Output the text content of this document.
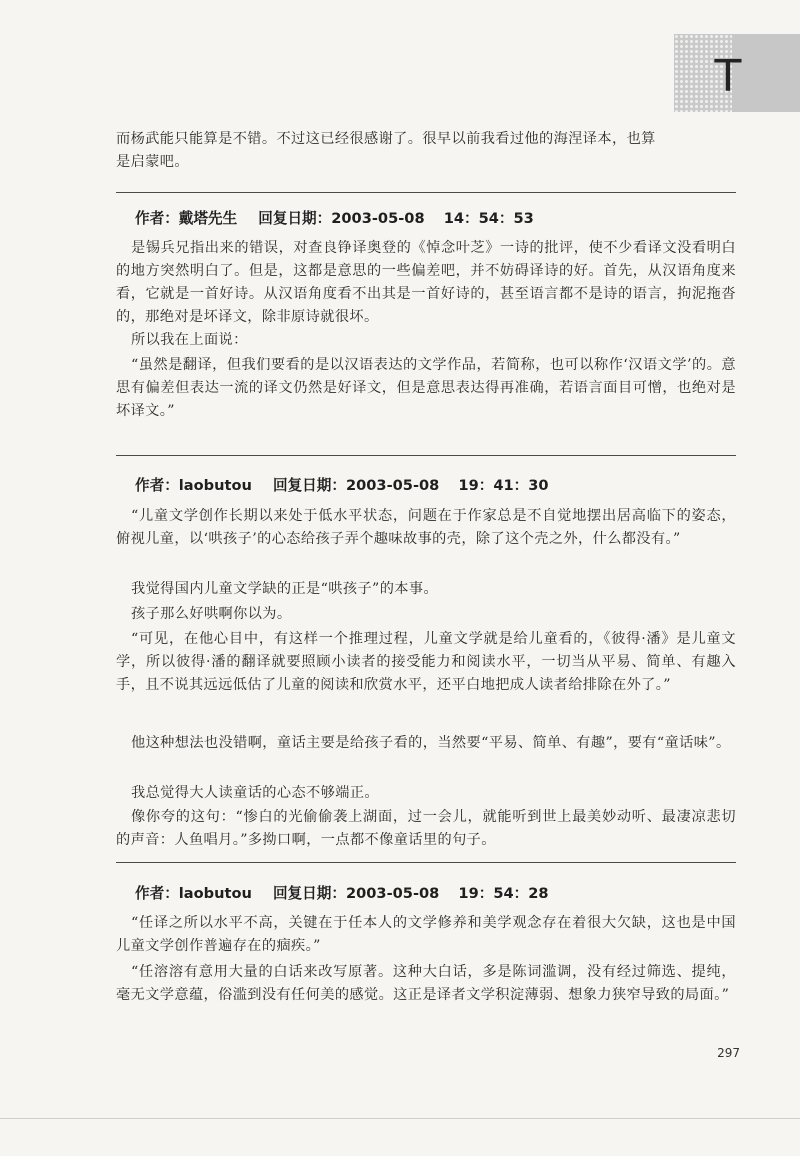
T

而杨武能只能算是不错。不过这已经很感谢了。很早以前我看过他的海涅译本，也算
是启蒙吧。

作者：戴塔先生 回复日期：2003-05-08 14：54：53

是锡兵兄指出来的错误，对查良铮译奥登的《悼念叶芝》一诗的批评，使不少看译文没看明白的地方突然明白了。但是，这都是意思的一些偏差吧，并不妨碍译诗的好。首先，从汉语角度来看，它就是一首好诗。从汉语角度看不出其是一首好诗的，甚至语言都不是诗的语言，拘泥拖沓的，那绝对是坏译文，除非原诗就很坏。

所以我在上面说：

“虽然是翻译，但我们要看的是以汉语表达的文学作品，若简称，也可以称作‘汉语文学’的。意思有偏差但表达一流的译文仍然是好译文，但是意思表达得再准确，若语言面目可憎，也绝对是坏译文。”

作者：laobutou 回复日期：2003-05-08 19：41：30

“儿童文学创作长期以来处于低水平状态，问题在于作家总是不自觉地摆出居高临下的姿态，俯视儿童，以‘哄孩子’的心态给孩子弄个趣味故事的壳，除了这个壳之外，什么都没有。”

我觉得国内儿童文学缺的正是“哄孩子”的本事。

孩子那么好哄啊你以为。

“可见，在他心目中，有这样一个推理过程，儿童文学就是给儿童看的，《彼得·潘》是儿童文学，所以彼得·潘的翻译就要照顾小读者的接受能力和阅读水平，一切当从平易、简单、有趣入手，且不说其远远低估了儿童的阅读和欣赏水平，还平白地把成人读者给排除在外了。”

他这种想法也没错啊，童话主要是给孩子看的，当然要“平易、简单、有趣”，要有“童话味”。

我总觉得大人读童话的心态不够端正。

像你夸的这句：“惨白的光偷偷袭上湖面，过一会儿，就能听到世上最美妙动听、最凄凉悲切的声音：人鱼唱月。”多拗口啊，一点都不像童话里的句子。

作者：laobutou 回复日期：2003-05-08 19：54：28

“任译之所以水平不高，关键在于任本人的文学修养和美学观念存在着很大欠缺，这也是中国儿童文学创作普遍存在的痼疾。”

“任溶溶有意用大量的白话来改写原著。这种大白话，多是陈词滥调，没有经过筛选、提纯，毫无文学意蕴，俗滥到没有任何美的感觉。这正是译者文学积淀薄弱、想象力狭窄导致的局面。”

297
